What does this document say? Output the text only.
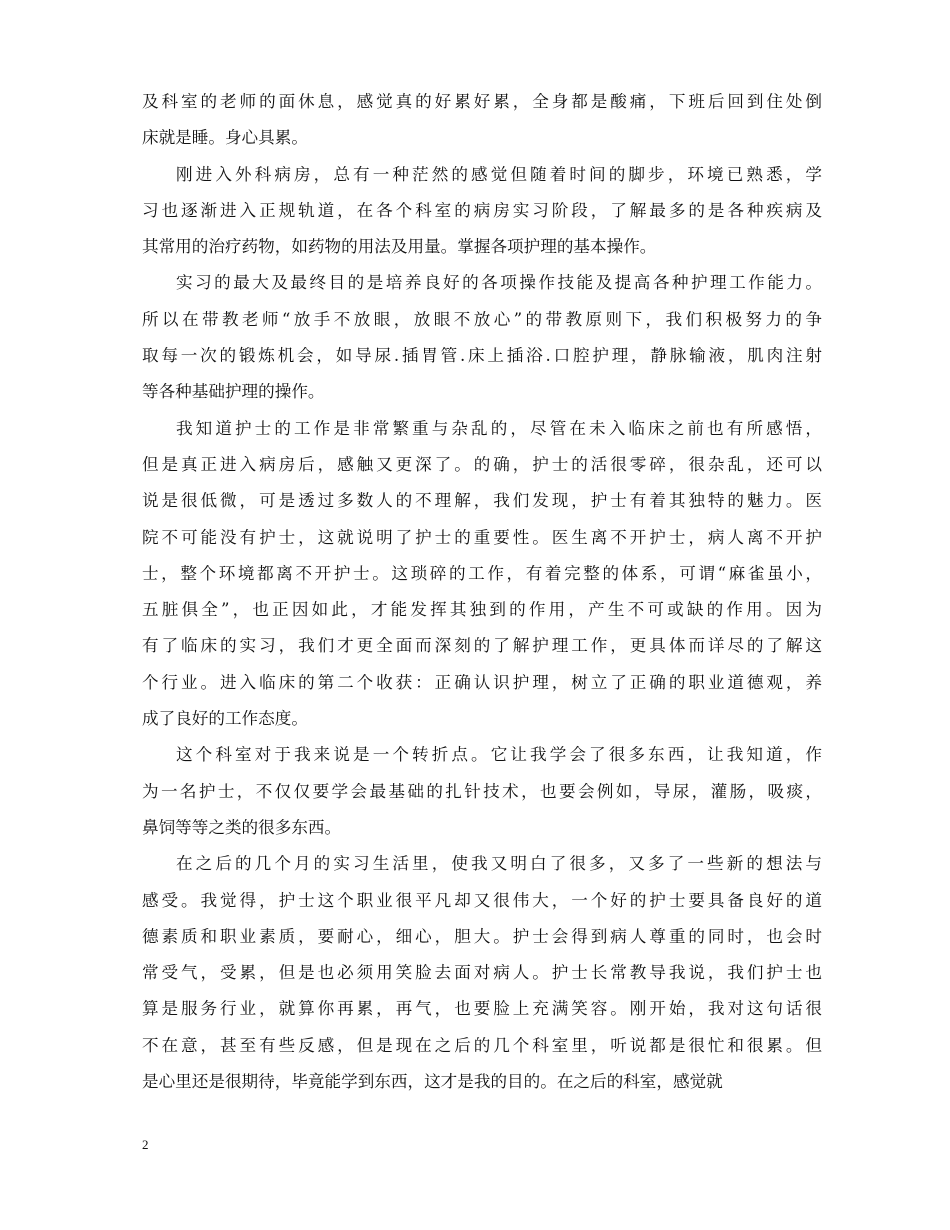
及科室的老师的面休息，感觉真的好累好累，全身都是酸痛，下班后回到住处倒
床就是睡。身心具累。
刚进入外科病房，总有一种茫然的感觉但随着时间的脚步，环境已熟悉，学
习也逐渐进入正规轨道，在各个科室的病房实习阶段，了解最多的是各种疾病及
其常用的治疗药物，如药物的用法及用量。掌握各项护理的基本操作。
实习的最大及最终目的是培养良好的各项操作技能及提高各种护理工作能力。
所以在带教老师“放手不放眼，放眼不放心”的带教原则下，我们积极努力的争
取每一次的锻炼机会，如导尿.插胃管.床上插浴.口腔护理，静脉输液，肌肉注射
等各种基础护理的操作。
我知道护士的工作是非常繁重与杂乱的，尽管在未入临床之前也有所感悟，
但是真正进入病房后，感触又更深了。的确，护士的活很零碎，很杂乱，还可以
说是很低微，可是透过多数人的不理解，我们发现，护士有着其独特的魅力。医
院不可能没有护士，这就说明了护士的重要性。医生离不开护士，病人离不开护
士，整个环境都离不开护士。这琐碎的工作，有着完整的体系，可谓“麻雀虽小，
五脏俱全”，也正因如此，才能发挥其独到的作用，产生不可或缺的作用。因为
有了临床的实习，我们才更全面而深刻的了解护理工作，更具体而详尽的了解这
个行业。进入临床的第二个收获：正确认识护理，树立了正确的职业道德观，养
成了良好的工作态度。
这个科室对于我来说是一个转折点。它让我学会了很多东西，让我知道，作
为一名护士，不仅仅要学会最基础的扎针技术，也要会例如，导尿，灌肠，吸痰，
鼻饲等等之类的很多东西。
在之后的几个月的实习生活里，使我又明白了很多，又多了一些新的想法与
感受。我觉得，护士这个职业很平凡却又很伟大，一个好的护士要具备良好的道
德素质和职业素质，要耐心，细心，胆大。护士会得到病人尊重的同时，也会时
常受气，受累，但是也必须用笑脸去面对病人。护士长常教导我说，我们护士也
算是服务行业，就算你再累，再气，也要脸上充满笑容。刚开始，我对这句话很
不在意，甚至有些反感，但是现在之后的几个科室里，听说都是很忙和很累。但
是心里还是很期待，毕竟能学到东西，这才是我的目的。在之后的科室，感觉就
2
